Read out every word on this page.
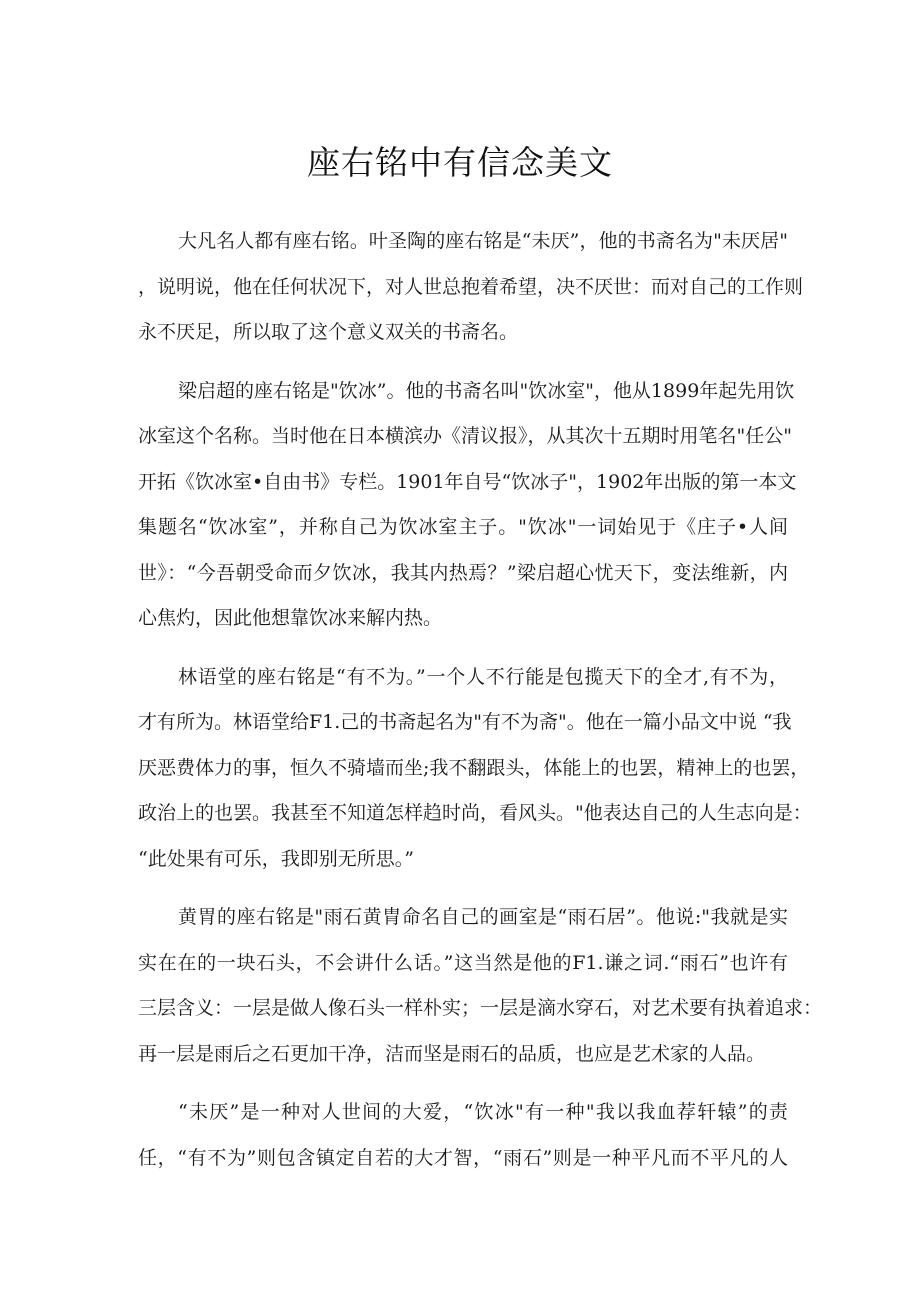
座右铭中有信念美文
大凡名人都有座右铭。叶圣陶的座右铭是“未厌”，他的书斋名为"未厌居"
，说明说，他在任何状况下，对人世总抱着希望，决不厌世：而对自己的工作则
永不厌足，所以取了这个意义双关的书斋名。
梁启超的座右铭是"饮冰”。他的书斋名叫"饮冰室"，他从1899年起先用饮
冰室这个名称。当时他在日本横滨办《清议报》，从其次十五期时用笔名"任公"
开拓《饮冰室•自由书》专栏。1901年自号“饮冰子"，1902年出版的第一本文
集题名“饮冰室”，并称自己为饮冰室主子。"饮冰"一词始见于《庄子•人间
世》：“今吾朝受命而夕饮冰，我其内热焉？”梁启超心忧天下，变法维新，内
心焦灼，因此他想靠饮冰来解内热。
林语堂的座右铭是“有不为。”一个人不行能是包揽天下的全才,有不为，
才有所为。林语堂给F1.己的书斋起名为"有不为斋"。他在一篇小品文中说 “我
厌恶费体力的事，恒久不骑墙而坐;我不翻跟头，体能上的也罢，精神上的也罢，
政治上的也罢。我甚至不知道怎样趋时尚，看风头。"他表达自己的人生志向是：
“此处果有可乐，我即别无所思。”
黄胃的座右铭是"雨石黄胄命名自己的画室是“雨石居”。他说:"我就是实
实在在的一块石头，不会讲什么话。”这当然是他的F1.谦之词.“雨石”也许有
三层含义：一层是做人像石头一样朴实；一层是滴水穿石，对艺术要有执着追求：
再一层是雨后之石更加干净，洁而坚是雨石的品质，也应是艺术家的人品。
“未厌”是一种对人世间的大爱，“饮冰"有一种"我以我血荐轩辕”的责
任，“有不为”则包含镇定自若的大才智，“雨石”则是一种平凡而不平凡的人
